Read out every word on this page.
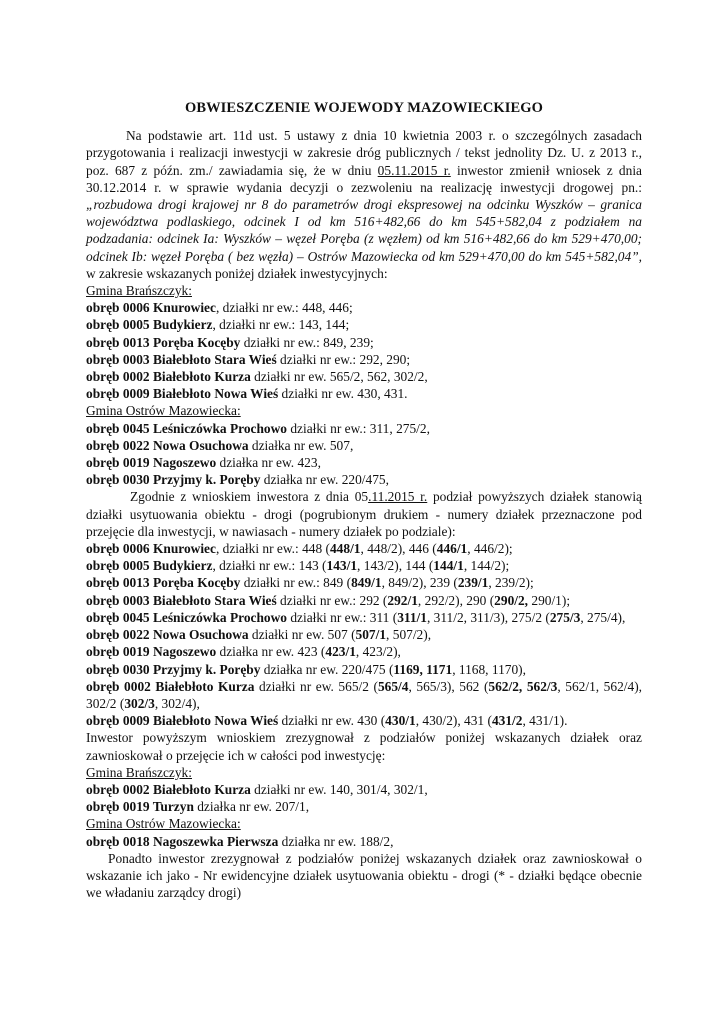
OBWIESZCZENIE WOJEWODY MAZOWIECKIEGO

Na podstawie art. 11d ust. 5 ustawy z dnia 10 kwietnia 2003 r. o szczególnych zasadach przygotowania i realizacji inwestycji w zakresie dróg publicznych / tekst jednolity Dz. U. z 2013 r., poz. 687 z późn. zm./ zawiadamia się, że w dniu 05.11.2015 r. inwestor zmienił wniosek z dnia 30.12.2014 r. w sprawie wydania decyzji o zezwoleniu na realizację inwestycji drogowej pn.: „rozbudowa drogi krajowej nr 8 do parametrów drogi ekspresowej na odcinku Wyszków – granica województwa podlaskiego, odcinek I od km 516+482,66 do km 545+582,04 z podziałem na podzadania: odcinek Ia: Wyszków – węzeł Poręba (z węzłem) od km 516+482,66 do km 529+470,00; odcinek Ib: węzeł Poręba ( bez węzła) – Ostrów Mazowiecka od km 529+470,00 do km 545+582,04”, w zakresie wskazanych poniżej działek inwestycyjnych:

Gmina Brańszczyk:

obręb 0006 Knurowiec, działki nr ew.: 448, 446;

obręb 0005 Budykierz, działki nr ew.: 143, 144;

obręb 0013 Poręba Kocęby działki nr ew.: 849, 239;

obręb 0003 Białebłoto Stara Wieś działki nr ew.: 292, 290;

obręb 0002 Białebłoto Kurza działki nr ew. 565/2, 562, 302/2,

obręb 0009 Białebłoto Nowa Wieś działki nr ew. 430, 431.

Gmina Ostrów Mazowiecka:

obręb 0045 Leśniczówka Prochowo działki nr ew.: 311, 275/2,

obręb 0022 Nowa Osuchowa działka nr ew. 507,

obręb 0019 Nagoszewo działka nr ew. 423,

obręb 0030 Przyjmy k. Poręby działka nr ew. 220/475,

Zgodnie z wnioskiem inwestora z dnia 05.11.2015 r. podział powyższych działek stanowią działki usytuowania obiektu - drogi (pogrubionym drukiem - numery działek przeznaczone pod przejęcie dla inwestycji, w nawiasach - numery działek po podziale):

obręb 0006 Knurowiec, działki nr ew.: 448 (448/1, 448/2), 446 (446/1, 446/2);

obręb 0005 Budykierz, działki nr ew.: 143 (143/1, 143/2), 144 (144/1, 144/2);

obręb 0013 Poręba Kocęby działki nr ew.: 849 (849/1, 849/2), 239 (239/1, 239/2);

obręb 0003 Białebłoto Stara Wieś działki nr ew.: 292 (292/1, 292/2), 290 (290/2, 290/1);

obręb 0045 Leśniczówka Prochowo działki nr ew.: 311 (311/1, 311/2, 311/3), 275/2 (275/3, 275/4),

obręb 0022 Nowa Osuchowa działki nr ew. 507 (507/1, 507/2),

obręb 0019 Nagoszewo działka nr ew. 423 (423/1, 423/2),

obręb 0030 Przyjmy k. Poręby działka nr ew. 220/475 (1169, 1171, 1168, 1170),

obręb 0002 Białebłoto Kurza działki nr ew. 565/2 (565/4, 565/3), 562 (562/2, 562/3, 562/1, 562/4), 302/2 (302/3, 302/4),

obręb 0009 Białebłoto Nowa Wieś działki nr ew. 430 (430/1, 430/2), 431 (431/2, 431/1).

Inwestor powyższym wnioskiem zrezygnował z podziałów poniżej wskazanych działek oraz zawnioskował o przejęcie ich w całości pod inwestycję:

Gmina Brańszczyk:

obręb 0002 Białebłoto Kurza działki nr ew. 140, 301/4, 302/1,

obręb 0019 Turzyn działka nr ew. 207/1,

Gmina Ostrów Mazowiecka:

obręb 0018 Nagoszewka Pierwsza działka nr ew. 188/2,

Ponadto inwestor zrezygnował z podziałów poniżej wskazanych działek oraz zawnioskował o wskazanie ich jako - Nr ewidencyjne działek usytuowania obiektu - drogi (* - działki będące obecnie we władaniu zarządcy drogi)
